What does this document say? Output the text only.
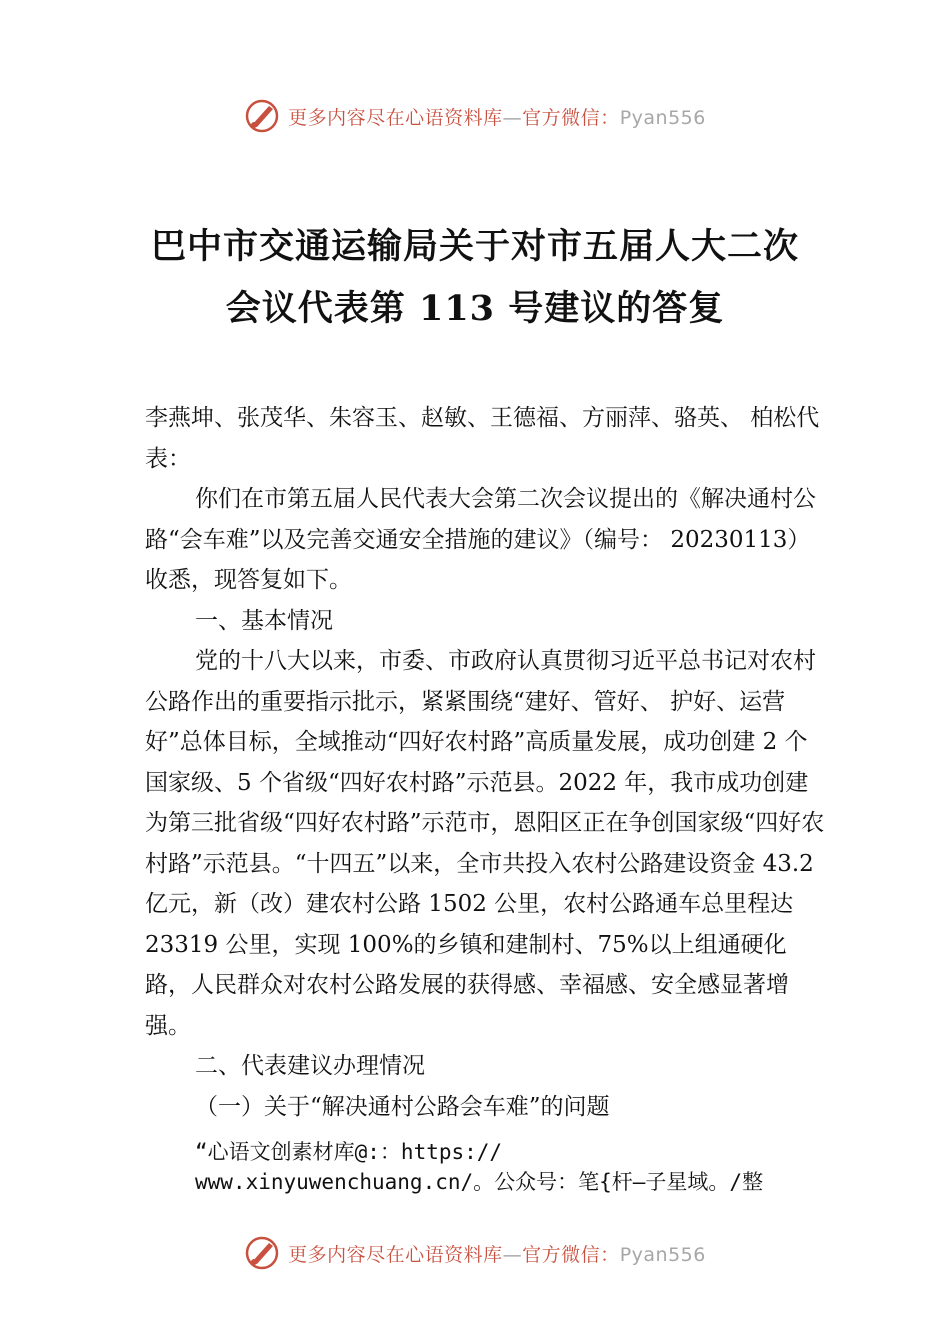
更多内容尽在心语资料库—官方微信：Pyan556
巴中市交通运输局关于对市五届人大二次
会议代表第 113 号建议的答复

李燕坤、张茂华、朱容玉、赵敏、王德福、方丽萍、骆英、 柏松代表：

你们在市第五届人民代表大会第二次会议提出的《解决通村公路“会车难”以及完善交通安全措施的建议》（编号： 20230113）收悉，现答复如下。

一、基本情况

党的十八大以来，市委、市政府认真贯彻习近平总书记对农村公路作出的重要指示批示，紧紧围绕“建好、管好、 护好、运营好”总体目标，全域推动“四好农村路”高质量发展，成功创建 2 个国家级、5 个省级“四好农村路”示范县。2022 年，我市成功创建为第三批省级“四好农村路”示范市，恩阳区正在争创国家级“四好农村路”示范县。“十四五”以来，全市共投入农村公路建设资金 43.2 亿元，新（改）建农村公路 1502 公里，农村公路通车总里程达 23319 公里，实现 100%的乡镇和建制村、75%以上组通硬化路，人民群众对农村公路发展的获得感、幸福感、安全感显著增强。

二、代表建议办理情况

（一）关于“解决通村公路会车难”的问题

“心语文创素材库@:：https://
www.xinyuwenchuang.cn/。公众号：笔{杆—子星域。/整
更多内容尽在心语资料库—官方微信：Pyan556
